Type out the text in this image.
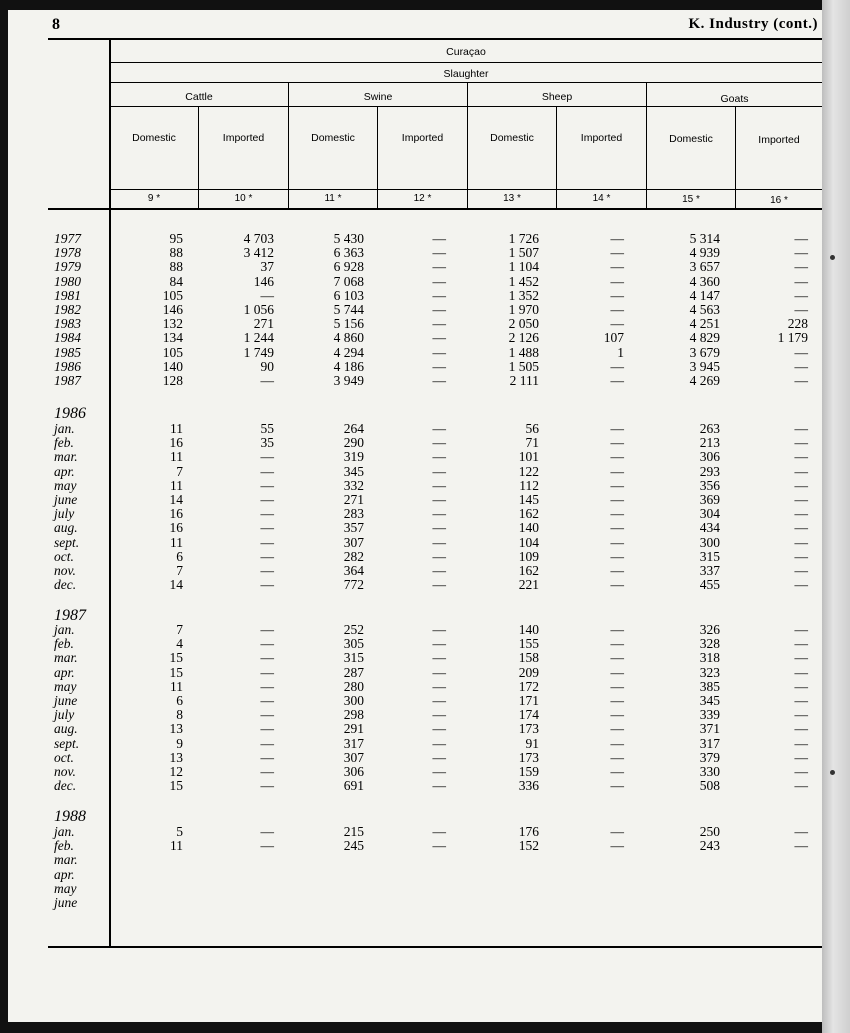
8	K. Industry (cont.)
Curaçao
Slaughter
Cattle	Swine	Sheep	Goats
Domestic	Imported	Domestic	Imported	Domestic	Imported	Domestic	Imported
9 *	10 *	11 *	12 *	13 *	14 *	15 *	16 *
1977	95	4 703	5 430	—	1 726	—	5 314	—
1978	88	3 412	6 363	—	1 507	—	4 939	—
1979	88	37	6 928	—	1 104	—	3 657	—
1980	84	146	7 068	—	1 452	—	4 360	—
1981	105	—	6 103	—	1 352	—	4 147	—
1982	146	1 056	5 744	—	1 970	—	4 563	—
1983	132	271	5 156	—	2 050	—	4 251	228
1984	134	1 244	4 860	—	2 126	107	4 829	1 179
1985	105	1 749	4 294	—	1 488	1	3 679	—
1986	140	90	4 186	—	1 505	—	3 945	—
1987	128	—	3 949	—	2 111	—	4 269	—
1986
jan.	11	55	264	—	56	—	263	—
feb.	16	35	290	—	71	—	213	—
mar.	11	—	319	—	101	—	306	—
apr.	7	—	345	—	122	—	293	—
may	11	—	332	—	112	—	356	—
june	14	—	271	—	145	—	369	—
july	16	—	283	—	162	—	304	—
aug.	16	—	357	—	140	—	434	—
sept.	11	—	307	—	104	—	300	—
oct.	6	—	282	—	109	—	315	—
nov.	7	—	364	—	162	—	337	—
dec.	14	—	772	—	221	—	455	—
1987
jan.	7	—	252	—	140	—	326	—
feb.	4	—	305	—	155	—	328	—
mar.	15	—	315	—	158	—	318	—
apr.	15	—	287	—	209	—	323	—
may	11	—	280	—	172	—	385	—
june	6	—	300	—	171	—	345	—
july	8	—	298	—	174	—	339	—
aug.	13	—	291	—	173	—	371	—
sept.	9	—	317	—	91	—	317	—
oct.	13	—	307	—	173	—	379	—
nov.	12	—	306	—	159	—	330	—
dec.	15	—	691	—	336	—	508	—
1988
jan.	5	—	215	—	176	—	250	—
feb.	11	—	245	—	152	—	243	—
mar.
apr.
may
june
